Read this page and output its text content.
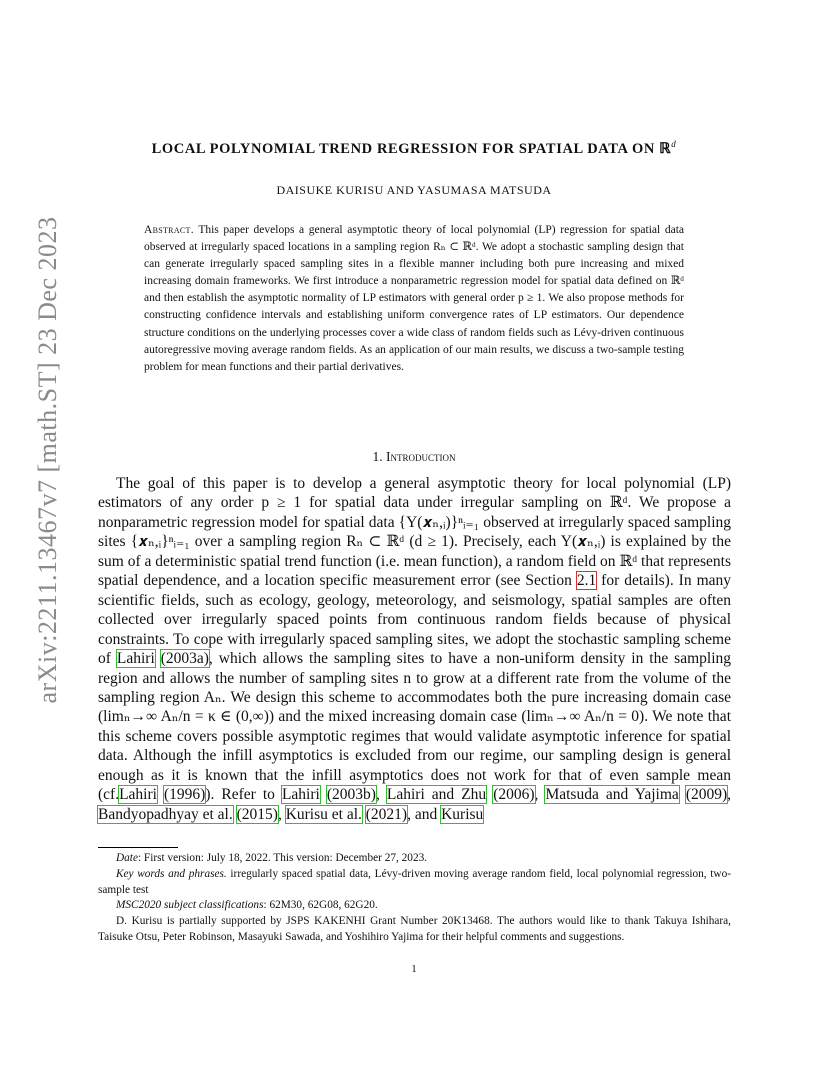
arXiv:2211.13467v7 [math.ST] 23 Dec 2023
LOCAL POLYNOMIAL TREND REGRESSION FOR SPATIAL DATA ON ℝ$^d$
DAISUKE KURISU AND YASUMASA MATSUDA
Abstract. This paper develops a general asymptotic theory of local polynomial (LP) regression for spatial data observed at irregularly spaced locations in a sampling region Rₙ ⊂ ℝᵈ. We adopt a stochastic sampling design that can generate irregularly spaced sampling sites in a flexible manner including both pure increasing and mixed increasing domain frameworks. We first introduce a nonparametric regression model for spatial data defined on ℝᵈ and then establish the asymptotic normality of LP estimators with general order p ≥ 1. We also propose methods for constructing confidence intervals and establishing uniform convergence rates of LP estimators. Our dependence structure conditions on the underlying processes cover a wide class of random fields such as Lévy-driven continuous autoregressive moving average random fields. As an application of our main results, we discuss a two-sample testing problem for mean functions and their partial derivatives.
1. Introduction

The goal of this paper is to develop a general asymptotic theory for local polynomial (LP) estimators of any order p ≥ 1 for spatial data under irregular sampling on ℝᵈ. We propose a nonparametric regression model for spatial data {Y(𝒙ₙ,ᵢ)}ⁿᵢ₌₁ observed at irregularly spaced sampling sites {𝒙ₙ,ᵢ}ⁿᵢ₌₁ over a sampling region Rₙ ⊂ ℝᵈ (d ≥ 1). Precisely, each Y(𝒙ₙ,ᵢ) is explained by the sum of a deterministic spatial trend function (i.e. mean function), a random field on ℝᵈ that represents spatial dependence, and a location specific measurement error (see Section 2.1 for details). In many scientific fields, such as ecology, geology, meteorology, and seismology, spatial samples are often collected over irregularly spaced points from continuous random fields because of physical constraints. To cope with irregularly spaced sampling sites, we adopt the stochastic sampling scheme of Lahiri (2003a), which allows the sampling sites to have a non-uniform density in the sampling region and allows the number of sampling sites n to grow at a different rate from the volume of the sampling region Aₙ. We design this scheme to accommodates both the pure increasing domain case (limₙ→∞ Aₙ/n = κ ∈ (0,∞)) and the mixed increasing domain case (limₙ→∞ Aₙ/n = 0). We note that this scheme covers possible asymptotic regimes that would validate asymptotic inference for spatial data. Although the infill asymptotics is excluded from our regime, our sampling design is general enough as it is known that the infill asymptotics does not work for that of even sample mean (cf.Lahiri (1996)). Refer to Lahiri (2003b), Lahiri and Zhu (2006), Matsuda and Yajima (2009), Bandyopadhyay et al. (2015), Kurisu et al. (2021), and Kurisu

Date: First version: July 18, 2022. This version: December 27, 2023.

Key words and phrases. irregularly spaced spatial data, Lévy-driven moving average random field, local polynomial regression, two-sample test

MSC2020 subject classifications: 62M30, 62G08, 62G20.

D. Kurisu is partially supported by JSPS KAKENHI Grant Number 20K13468. The authors would like to thank Takuya Ishihara, Taisuke Otsu, Peter Robinson, Masayuki Sawada, and Yoshihiro Yajima for their helpful comments and suggestions.

1
